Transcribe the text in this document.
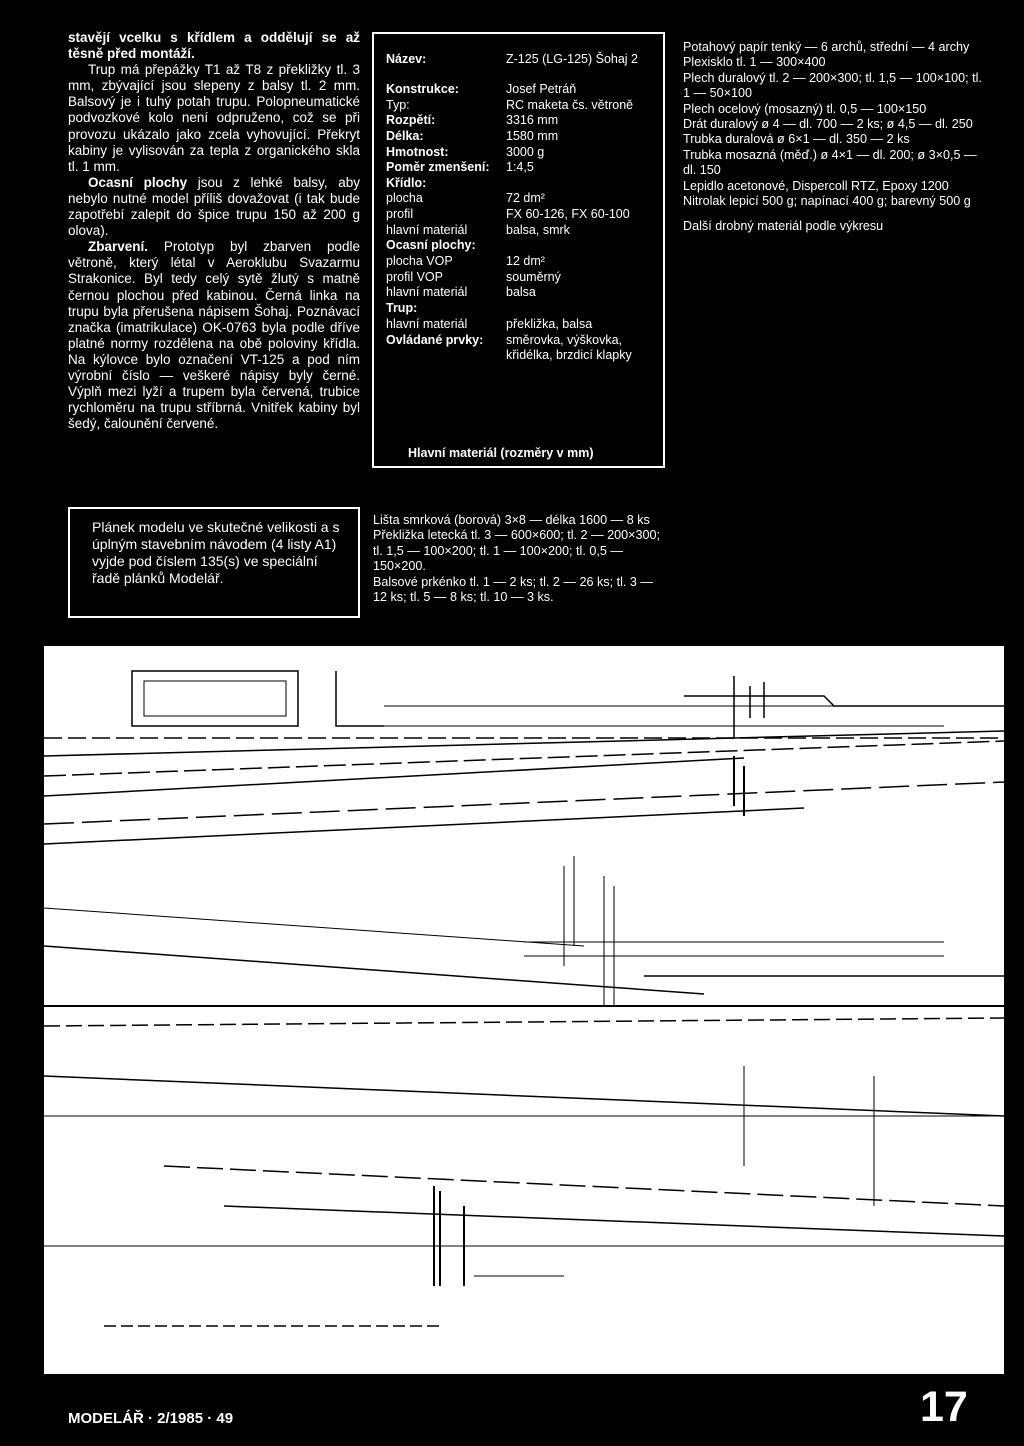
stavějí vcelku s křídlem a oddělují se až těsně před montáží.

Trup má přepážky T1 až T8 z překližky tl. 3 mm, zbývající jsou slepeny z balsy tl. 2 mm. Balsový je i tuhý potah trupu. Polopneumatické podvozkové kolo není odpruženo, což se při provozu ukázalo jako zcela vyhovující. Překryt kabiny je vylisován za tepla z organického skla tl. 1 mm.

Ocasní plochy jsou z lehké balsy, aby nebylo nutné model příliš dovažovat (i tak bude zapotřebí zalepit do špice trupu 150 až 200 g olova).

Zbarvení. Prototyp byl zbarven podle větroně, který létal v Aeroklubu Svazarmu Strakonice. Byl tedy celý sytě žlutý s matně černou plochou před kabinou. Černá linka na trupu byla přerušena nápisem Šohaj. Poznávací značka (imatrikulace) OK-0763 byla podle dříve platné normy rozdělena na obě poloviny křídla. Na kýlovce bylo označení VT-125 a pod ním výrobní číslo — veškeré nápisy byly černé. Výplň mezi lyží a trupem byla červená, trubice rychloměru na trupu stříbrná. Vnitřek kabiny byl šedý, čalounění červené.

Plánek modelu ve skutečné velikosti a s úplným stavebním návodem (4 listy A1) vyjde pod číslem 135(s) ve speciální řadě plánků Modelář.
Název:	Z-125 (LG-125) Šohaj 2
Konstrukce:	Josef Petráň
Typ:	RC maketa čs. větroně
Rozpětí:	3316 mm
Délka:	1580 mm
Hmotnost:	3000 g
Poměr zmenšení: 1:4,5
Křídlo:
plocha	72 dm²
profil	FX 60-126, FX 60-100
hlavní materiál	balsa, smrk
Ocasní plochy:
plocha VOP	12 dm²
profil VOP	souměrný
hlavní materiál	balsa
Trup:
hlavní materiál	překližka, balsa
Ovládané prvky: směrovka, výškovka, křidélka, brzdicí klapky
Hlavní materiál (rozměry v mm)
Potahový papír tenký — 6 archů, střední — 4 archy
Plexisklo tl. 1 — 300×400
Plech duralový tl. 2 — 200×300; tl. 1,5 — 100×100; tl. 1 — 50×100
Plech ocelový (mosazný) tl. 0,5 — 100×150
Drát duralový ø 4 — dl. 700 — 2 ks; ø 4,5 — dl. 250
Trubka duralová ø 6×1 — dl. 350 — 2 ks
Trubka mosazná (měď.) ø 4×1 — dl. 200; ø 3×0,5 — dl. 150
Lepidlo acetonové, Dispercoll RTZ, Epoxy 1200
Nitrolak lepicí 500 g; napínací 400 g; barevný 500 g
Další drobný materiál podle výkresu
Lišta smrková (borová) 3×8 — délka 1600 — 8 ks
Překližka letecká tl. 3 — 600×600; tl. 2 — 200×300; tl. 1,5 — 100×200; tl. 1 — 100×200; tl. 0,5 — 150×200.
Balsové prkénko tl. 1 — 2 ks; tl. 2 — 26 ks; tl. 3 — 12 ks; tl. 5 — 8 ks; tl. 10 — 3 ks.
MODELÁŘ · 2/1985 · 49	17
